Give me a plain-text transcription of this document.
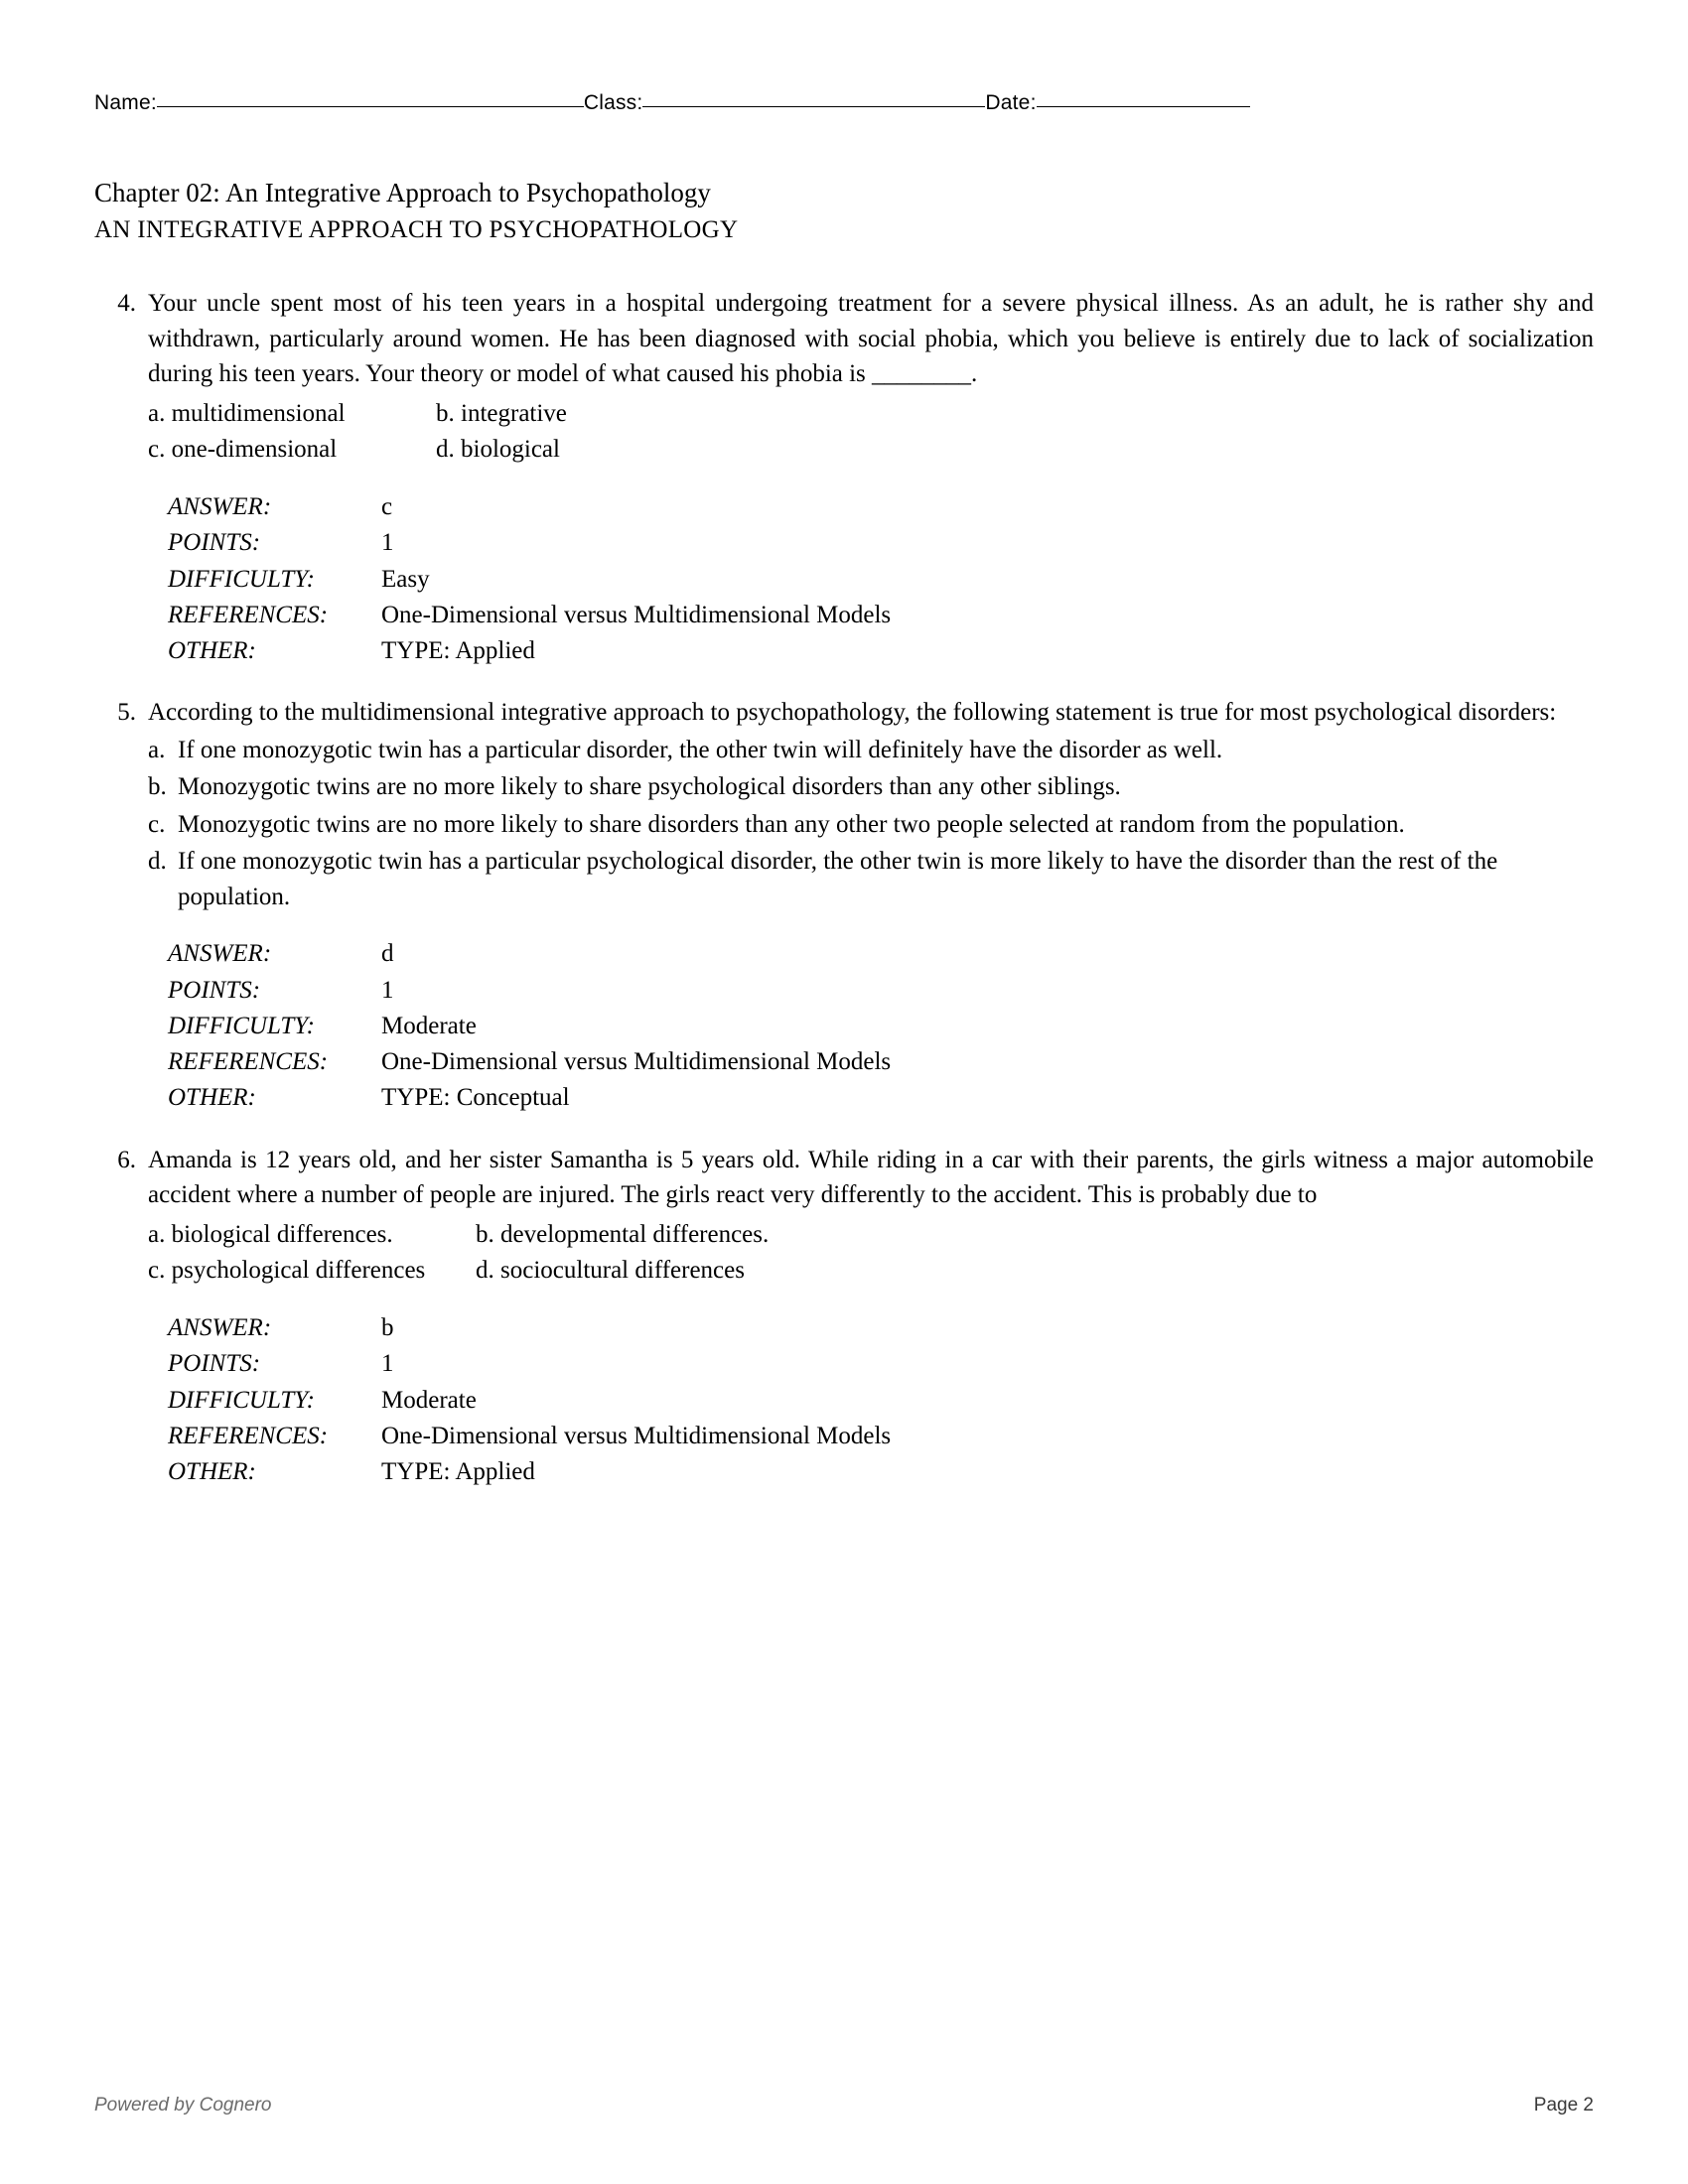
Name:	Class:	Date:
Chapter 02: An Integrative Approach to Psychopathology
AN INTEGRATIVE APPROACH TO PSYCHOPATHOLOGY
4. Your uncle spent most of his teen years in a hospital undergoing treatment for a severe physical illness. As an adult, he is rather shy and withdrawn, particularly around women. He has been diagnosed with social phobia, which you believe is entirely due to lack of socialization during his teen years. Your theory or model of what caused his phobia is ________.

a. multidimensional	b. integrative
c. one-dimensional	d. biological
ANSWER:	c
POINTS:	1
DIFFICULTY:	Easy
REFERENCES:	One-Dimensional versus Multidimensional Models
OTHER:	TYPE: Applied
5. According to the multidimensional integrative approach to psychopathology, the following statement is true for most psychological disorders:

a. If one monozygotic twin has a particular disorder, the other twin will definitely have the disorder as well.
b. Monozygotic twins are no more likely to share psychological disorders than any other siblings.
c. Monozygotic twins are no more likely to share disorders than any other two people selected at random from the population.
d. If one monozygotic twin has a particular psychological disorder, the other twin is more likely to have the disorder than the rest of the population.
ANSWER:	d
POINTS:	1
DIFFICULTY:	Moderate
REFERENCES:	One-Dimensional versus Multidimensional Models
OTHER:	TYPE: Conceptual
6. Amanda is 12 years old, and her sister Samantha is 5 years old. While riding in a car with their parents, the girls witness a major automobile accident where a number of people are injured. The girls react very differently to the accident. This is probably due to

a. biological differences.	b. developmental differences.
c. psychological differences	d. sociocultural differences
ANSWER:	b
POINTS:	1
DIFFICULTY:	Moderate
REFERENCES:	One-Dimensional versus Multidimensional Models
OTHER:	TYPE: Applied
Powered by Cognero	Page 2
